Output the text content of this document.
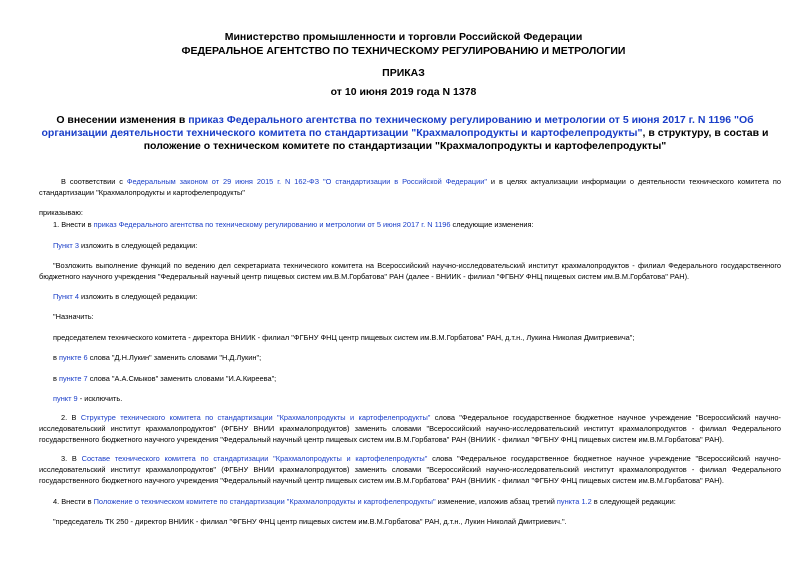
Министерство промышленности и торговли Российской Федерации
ФЕДЕРАЛЬНОЕ АГЕНТСТВО ПО ТЕХНИЧЕСКОМУ РЕГУЛИРОВАНИЮ И МЕТРОЛОГИИ
ПРИКАЗ
от 10 июня 2019 года N 1378
О внесении изменения в приказ Федерального агентства по техническому регулированию и метрологии от 5 июня 2017 г. N 1196 "Об организации деятельности технического комитета по стандартизации "Крахмалопродукты и картофелепродукты", в структуру, в состав и положение о техническом комитете по стандартизации "Крахмалопродукты и картофелепродукты"
В соответствии с Федеральным законом от 29 июня 2015 г. N 162-ФЗ "О стандартизации в Российской Федерации" и в целях актуализации информации о деятельности технического комитета по стандартизации "Крахмалопродукты и картофелепродукты"
приказываю:
1. Внести в приказ Федерального агентства по техническому регулированию и метрологии от 5 июня 2017 г. N 1196 следующие изменения:
Пункт 3 изложить в следующей редакции:
"Возложить выполнение функций по ведению дел секретариата технического комитета на Всероссийский научно-исследовательский институт крахмалопродуктов - филиал Федерального государственного бюджетного научного учреждения "Федеральный научный центр пищевых систем им.В.М.Горбатова" РАН (далее - ВНИИК - филиал "ФГБНУ ФНЦ пищевых систем им.В.М.Горбатова" РАН).
Пункт 4 изложить в следующей редакции:
"Назначить:
председателем технического комитета - директора ВНИИК - филиал "ФГБНУ ФНЦ центр пищевых систем им.В.М.Горбатова" РАН, д.т.н., Лукина Николая Дмитриевича";
в пункте 6 слова "Д.Н.Лукин" заменить словами "Н.Д.Лукин";
в пункте 7 слова "А.А.Смыков" заменить словами "И.А.Киреева";
пункт 9 - исключить.
2. В Структуре технического комитета по стандартизации "Крахмалопродукты и картофелепродукты" слова "Федеральное государственное бюджетное научное учреждение "Всероссийский научно-исследовательский институт крахмалопродуктов" (ФГБНУ ВНИИ крахмалопродуктов) заменить словами "Всероссийский научно-исследовательский институт крахмалопродуктов - филиал Федерального государственного бюджетного научного учреждения "Федеральный научный центр пищевых систем им.В.М.Горбатова" РАН (ВНИИК - филиал "ФГБНУ ФНЦ пищевых систем им.В.М.Горбатова" РАН).
3. В Составе технического комитета по стандартизации "Крахмалопродукты и картофелепродукты" слова "Федеральное государственное бюджетное научное учреждение "Всероссийский научно-исследовательский институт крахмалопродуктов" (ФГБНУ ВНИИ крахмалопродуктов) заменить словами "Всероссийский научно-исследовательский институт крахмалопродуктов - филиал Федерального государственного бюджетного научного учреждения "Федеральный научный центр пищевых систем им.В.М.Горбатова" РАН (ВНИИК - филиал "ФГБНУ ФНЦ пищевых систем им.В.М.Горбатова" РАН).
4. Внести в Положение о техническом комитете по стандартизации "Крахмалопродукты и картофелепродукты" изменение, изложив абзац третий пункта 1.2 в следующей редакции:
"председатель ТК 250 - директор ВНИИК - филиал "ФГБНУ ФНЦ центр пищевых систем им.В.М.Горбатова" РАН, д.т.н., Лукин Николай Дмитриевич.".
